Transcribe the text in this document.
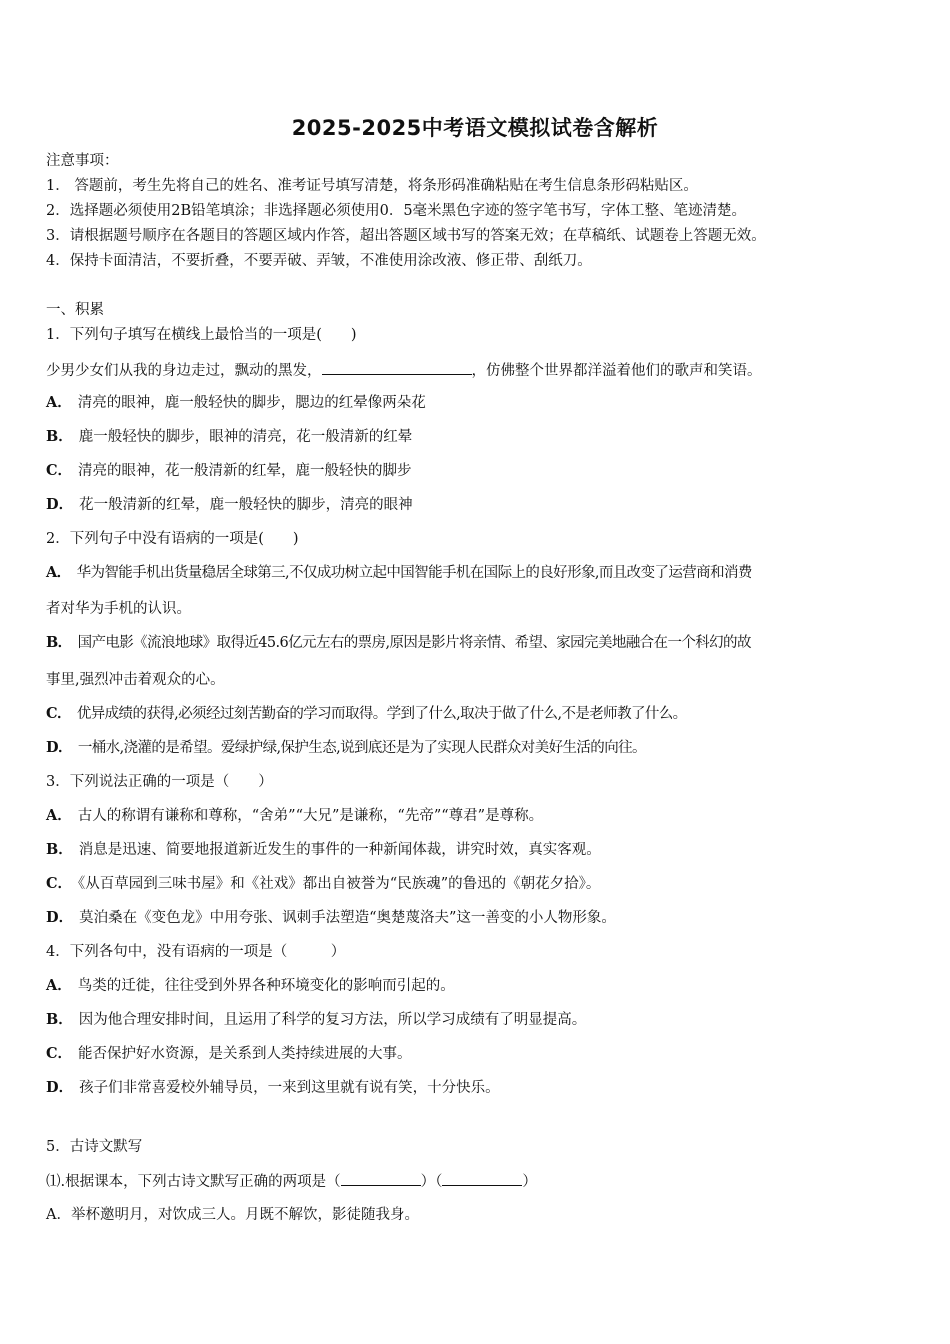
2025-2025中考语文模拟试卷含解析
注意事项：
1． 答题前，考生先将自己的姓名、准考证号填写清楚，将条形码准确粘贴在考生信息条形码粘贴区。
2．选择题必须使用2B铅笔填涂；非选择题必须使用0．5毫米黑色字迹的签字笔书写，字体工整、笔迹清楚。
3．请根据题号顺序在各题目的答题区域内作答，超出答题区域书写的答案无效；在草稿纸、试题卷上答题无效。
4．保持卡面清洁，不要折叠，不要弄破、弄皱，不准使用涂改液、修正带、刮纸刀。
一、积累
1．下列句子填写在横线上最恰当的一项是(　　)
少男少女们从我的身边走过，飘动的黑发，	，仿佛整个世界都洋溢着他们的歌声和笑语。
A． 清亮的眼神，鹿一般轻快的脚步，腮边的红晕像两朵花
B． 鹿一般轻快的脚步，眼神的清亮，花一般清新的红晕
C． 清亮的眼神，花一般清新的红晕，鹿一般轻快的脚步
D． 花一般清新的红晕，鹿一般轻快的脚步，清亮的眼神
2．下列句子中没有语病的一项是(　　)
A． 华为智能手机出货量稳居全球第三,不仅成功树立起中国智能手机在国际上的良好形象,而且改变了运营商和消费
者对华为手机的认识。
B． 国产电影《流浪地球》取得近45.6亿元左右的票房,原因是影片将亲情、希望、家园完美地融合在一个科幻的故
事里,强烈冲击着观众的心。
C． 优异成绩的获得,必须经过刻苦勤奋的学习而取得。学到了什么,取决于做了什么,不是老师教了什么。
D． 一桶水,浇灌的是希望。爱绿护绿,保护生态,说到底还是为了实现人民群众对美好生活的向往。
3．下列说法正确的一项是（　　）
A． 古人的称谓有谦称和尊称，“舍弟”“大兄”是谦称，“先帝”“尊君”是尊称。
B． 消息是迅速、简要地报道新近发生的事件的一种新闻体裁，讲究时效，真实客观。
C． 《从百草园到三味书屋》和《社戏》都出自被誉为“民族魂”的鲁迅的《朝花夕拾》。
D． 莫泊桑在《变色龙》中用夸张、讽刺手法塑造“奥楚蔑洛夫”这一善变的小人物形象。
4．下列各句中，没有语病的一项是（　　　）
A． 鸟类的迁徙，往往受到外界各种环境变化的影响而引起的。
B． 因为他合理安排时间，且运用了科学的复习方法，所以学习成绩有了明显提高。
C． 能否保护好水资源，是关系到人类持续进展的大事。
D． 孩子们非常喜爱校外辅导员，一来到这里就有说有笑，十分快乐。
5．古诗文默写
⑴.根据课本，下列古诗文默写正确的两项是（	）（	）
A．举杯邀明月，对饮成三人。月既不解饮，影徒随我身。
